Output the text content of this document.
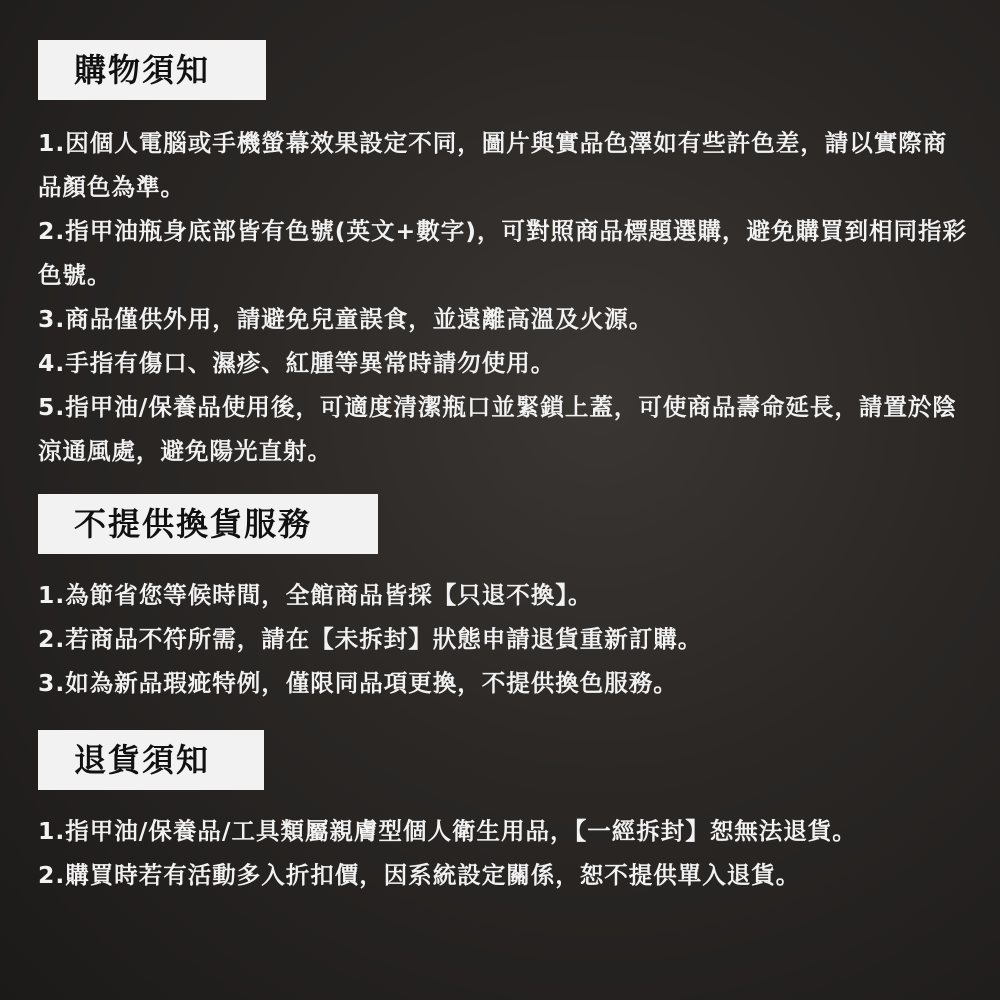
購物須知
1.因個人電腦或手機螢幕效果設定不同，圖片與實品色澤如有些許色差，請以實際商品顏色為準。
2.指甲油瓶身底部皆有色號(英文+數字)，可對照商品標題選購，避免購買到相同指彩色號。
3.商品僅供外用，請避免兒童誤食，並遠離高溫及火源。
4.手指有傷口、濕疹、紅腫等異常時請勿使用。
5.指甲油/保養品使用後，可適度清潔瓶口並緊鎖上蓋，可使商品壽命延長，請置於陰涼通風處，避免陽光直射。
不提供換貨服務
1.為節省您等候時間，全館商品皆採【只退不換】。
2.若商品不符所需，請在【未拆封】狀態申請退貨重新訂購。
3.如為新品瑕疵特例，僅限同品項更換，不提供換色服務。
退貨須知
1.指甲油/保養品/工具類屬親膚型個人衛生用品，【一經拆封】恕無法退貨。
2.購買時若有活動多入折扣價，因系統設定關係，恕不提供單入退貨。
